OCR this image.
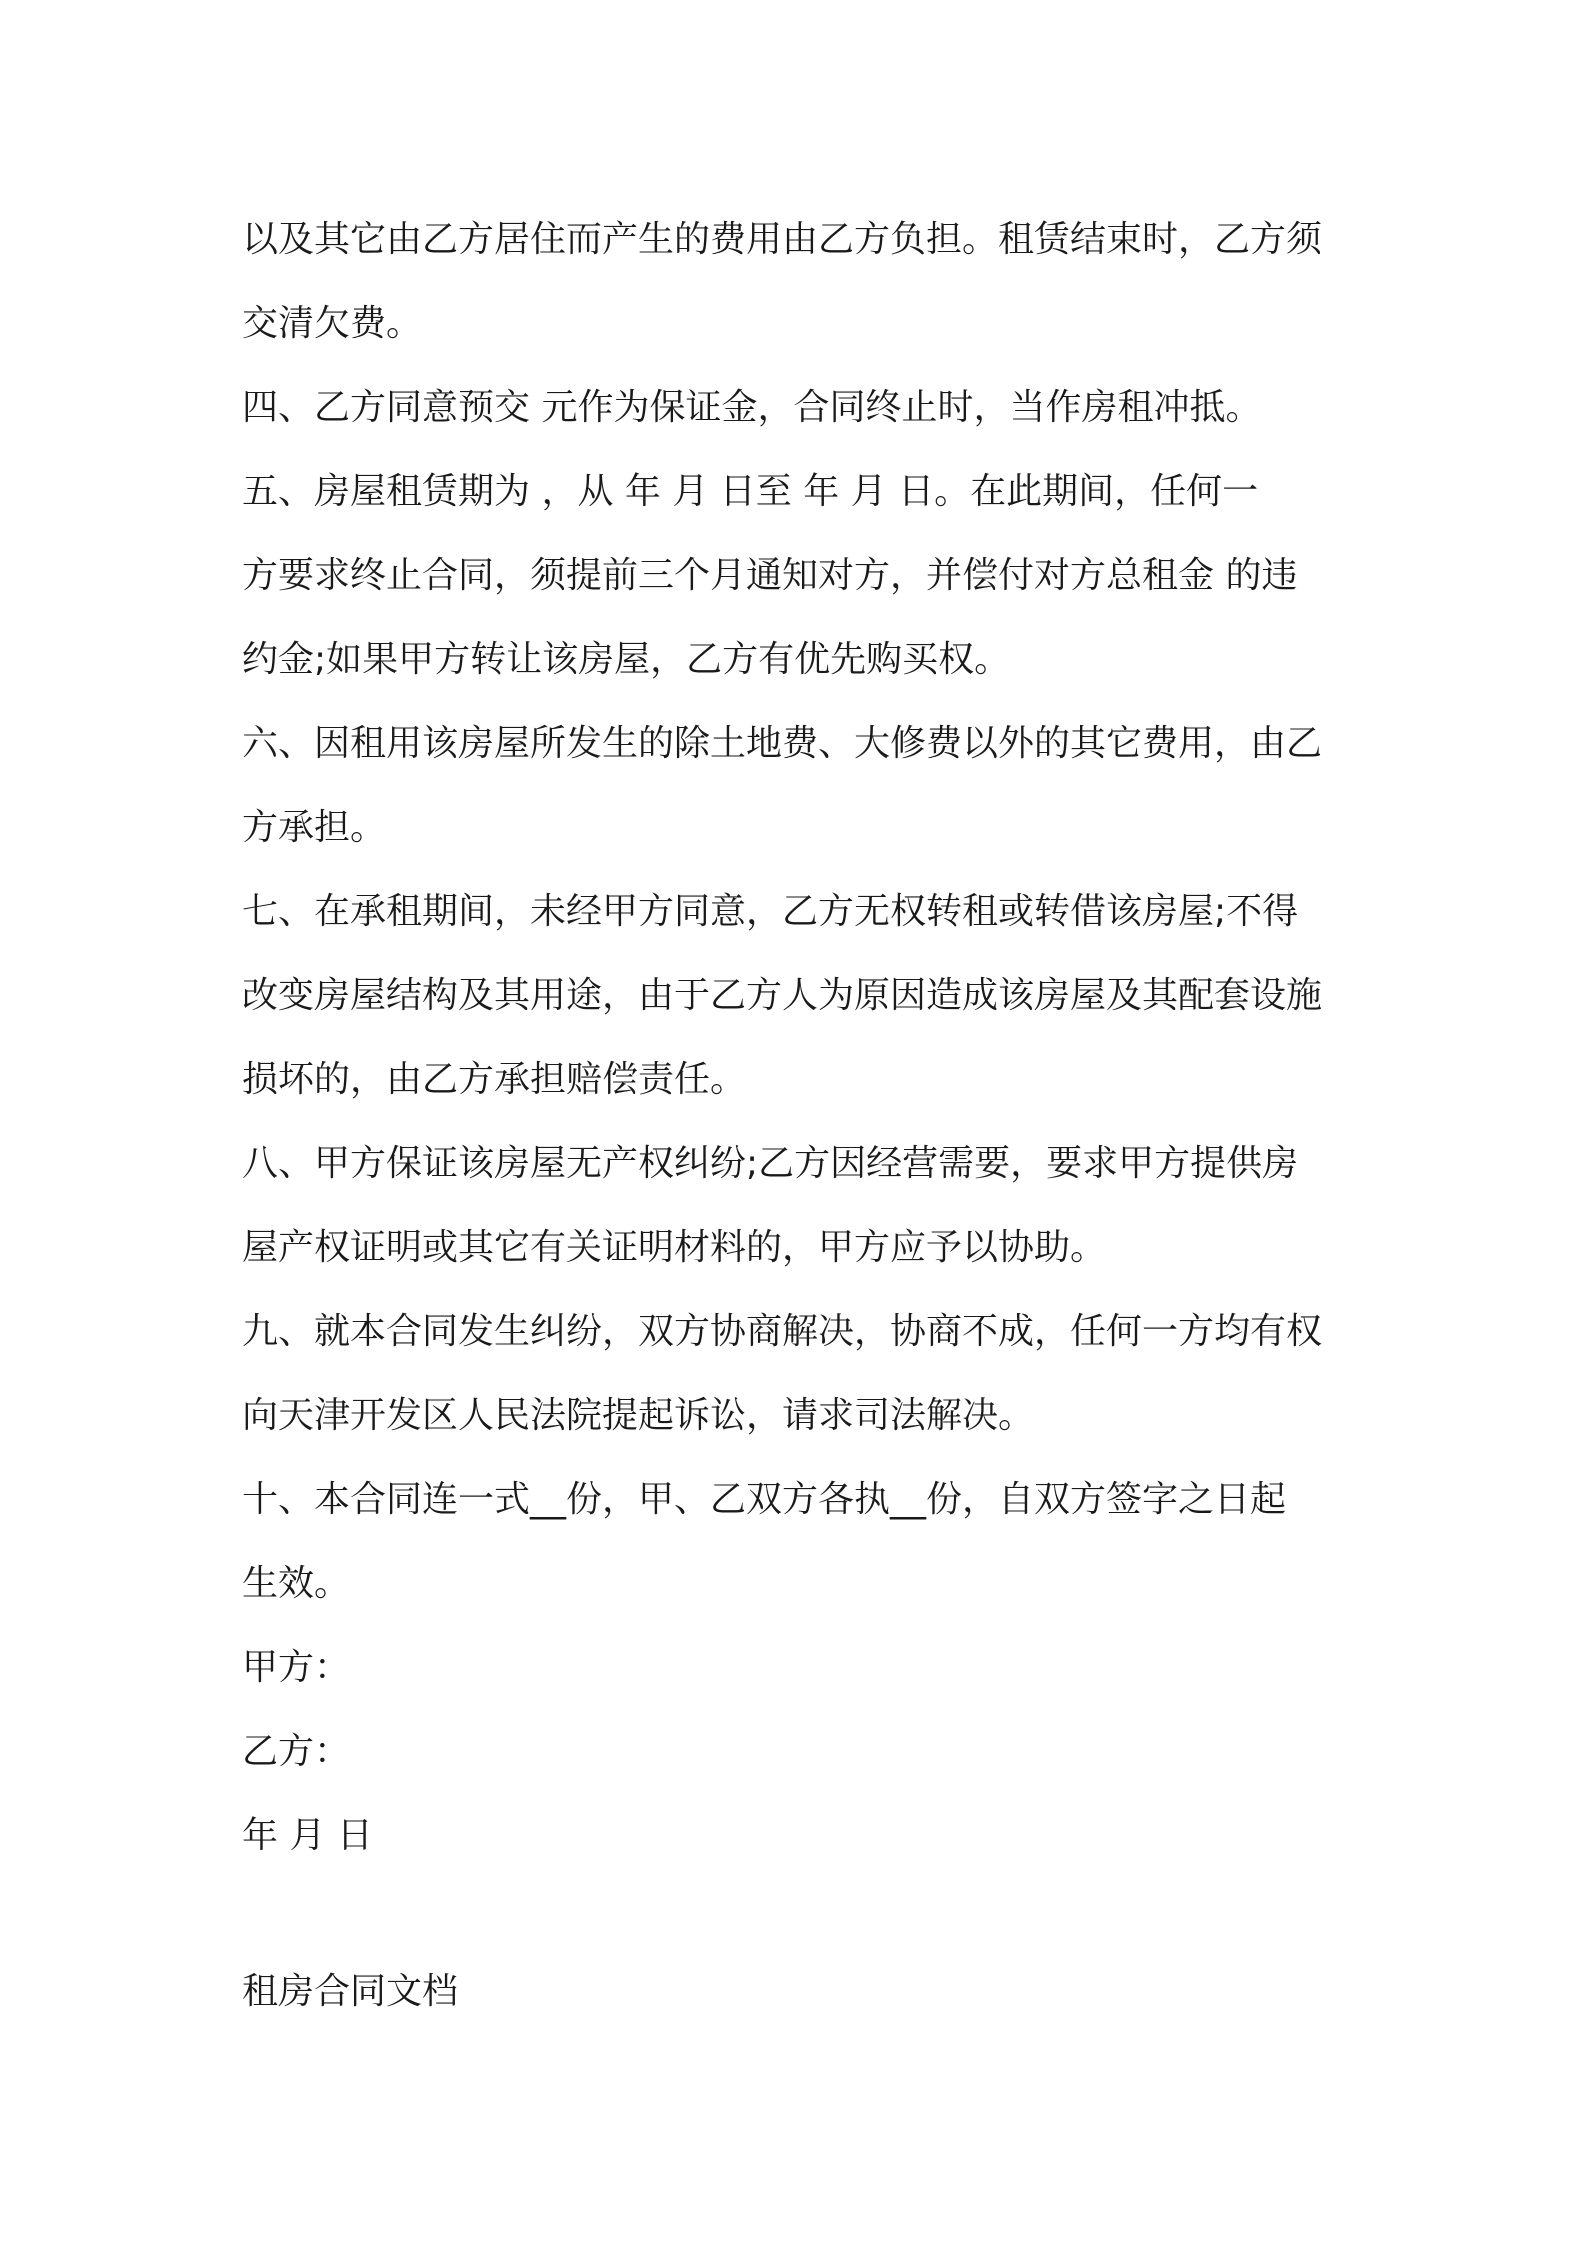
以及其它由乙方居住而产生的费用由乙方负担。租赁结束时，乙方须
交清欠费。
四、乙方同意预交 元作为保证金，合同终止时，当作房租冲抵。
五、房屋租赁期为 ，从 年 月 日至 年 月 日。在此期间，任何一
方要求终止合同，须提前三个月通知对方，并偿付对方总租金 的违
约金;如果甲方转让该房屋，乙方有优先购买权。
六、因租用该房屋所发生的除土地费、大修费以外的其它费用，由乙
方承担。
七、在承租期间，未经甲方同意，乙方无权转租或转借该房屋;不得
改变房屋结构及其用途，由于乙方人为原因造成该房屋及其配套设施
损坏的，由乙方承担赔偿责任。
八、甲方保证该房屋无产权纠纷;乙方因经营需要，要求甲方提供房
屋产权证明或其它有关证明材料的，甲方应予以协助。
九、就本合同发生纠纷，双方协商解决，协商不成，任何一方均有权
向天津开发区人民法院提起诉讼，请求司法解决。
十、本合同连一式__份，甲、乙双方各执__份，自双方签字之日起
生效。
甲方：
乙方：
年 月 日
租房合同文档
